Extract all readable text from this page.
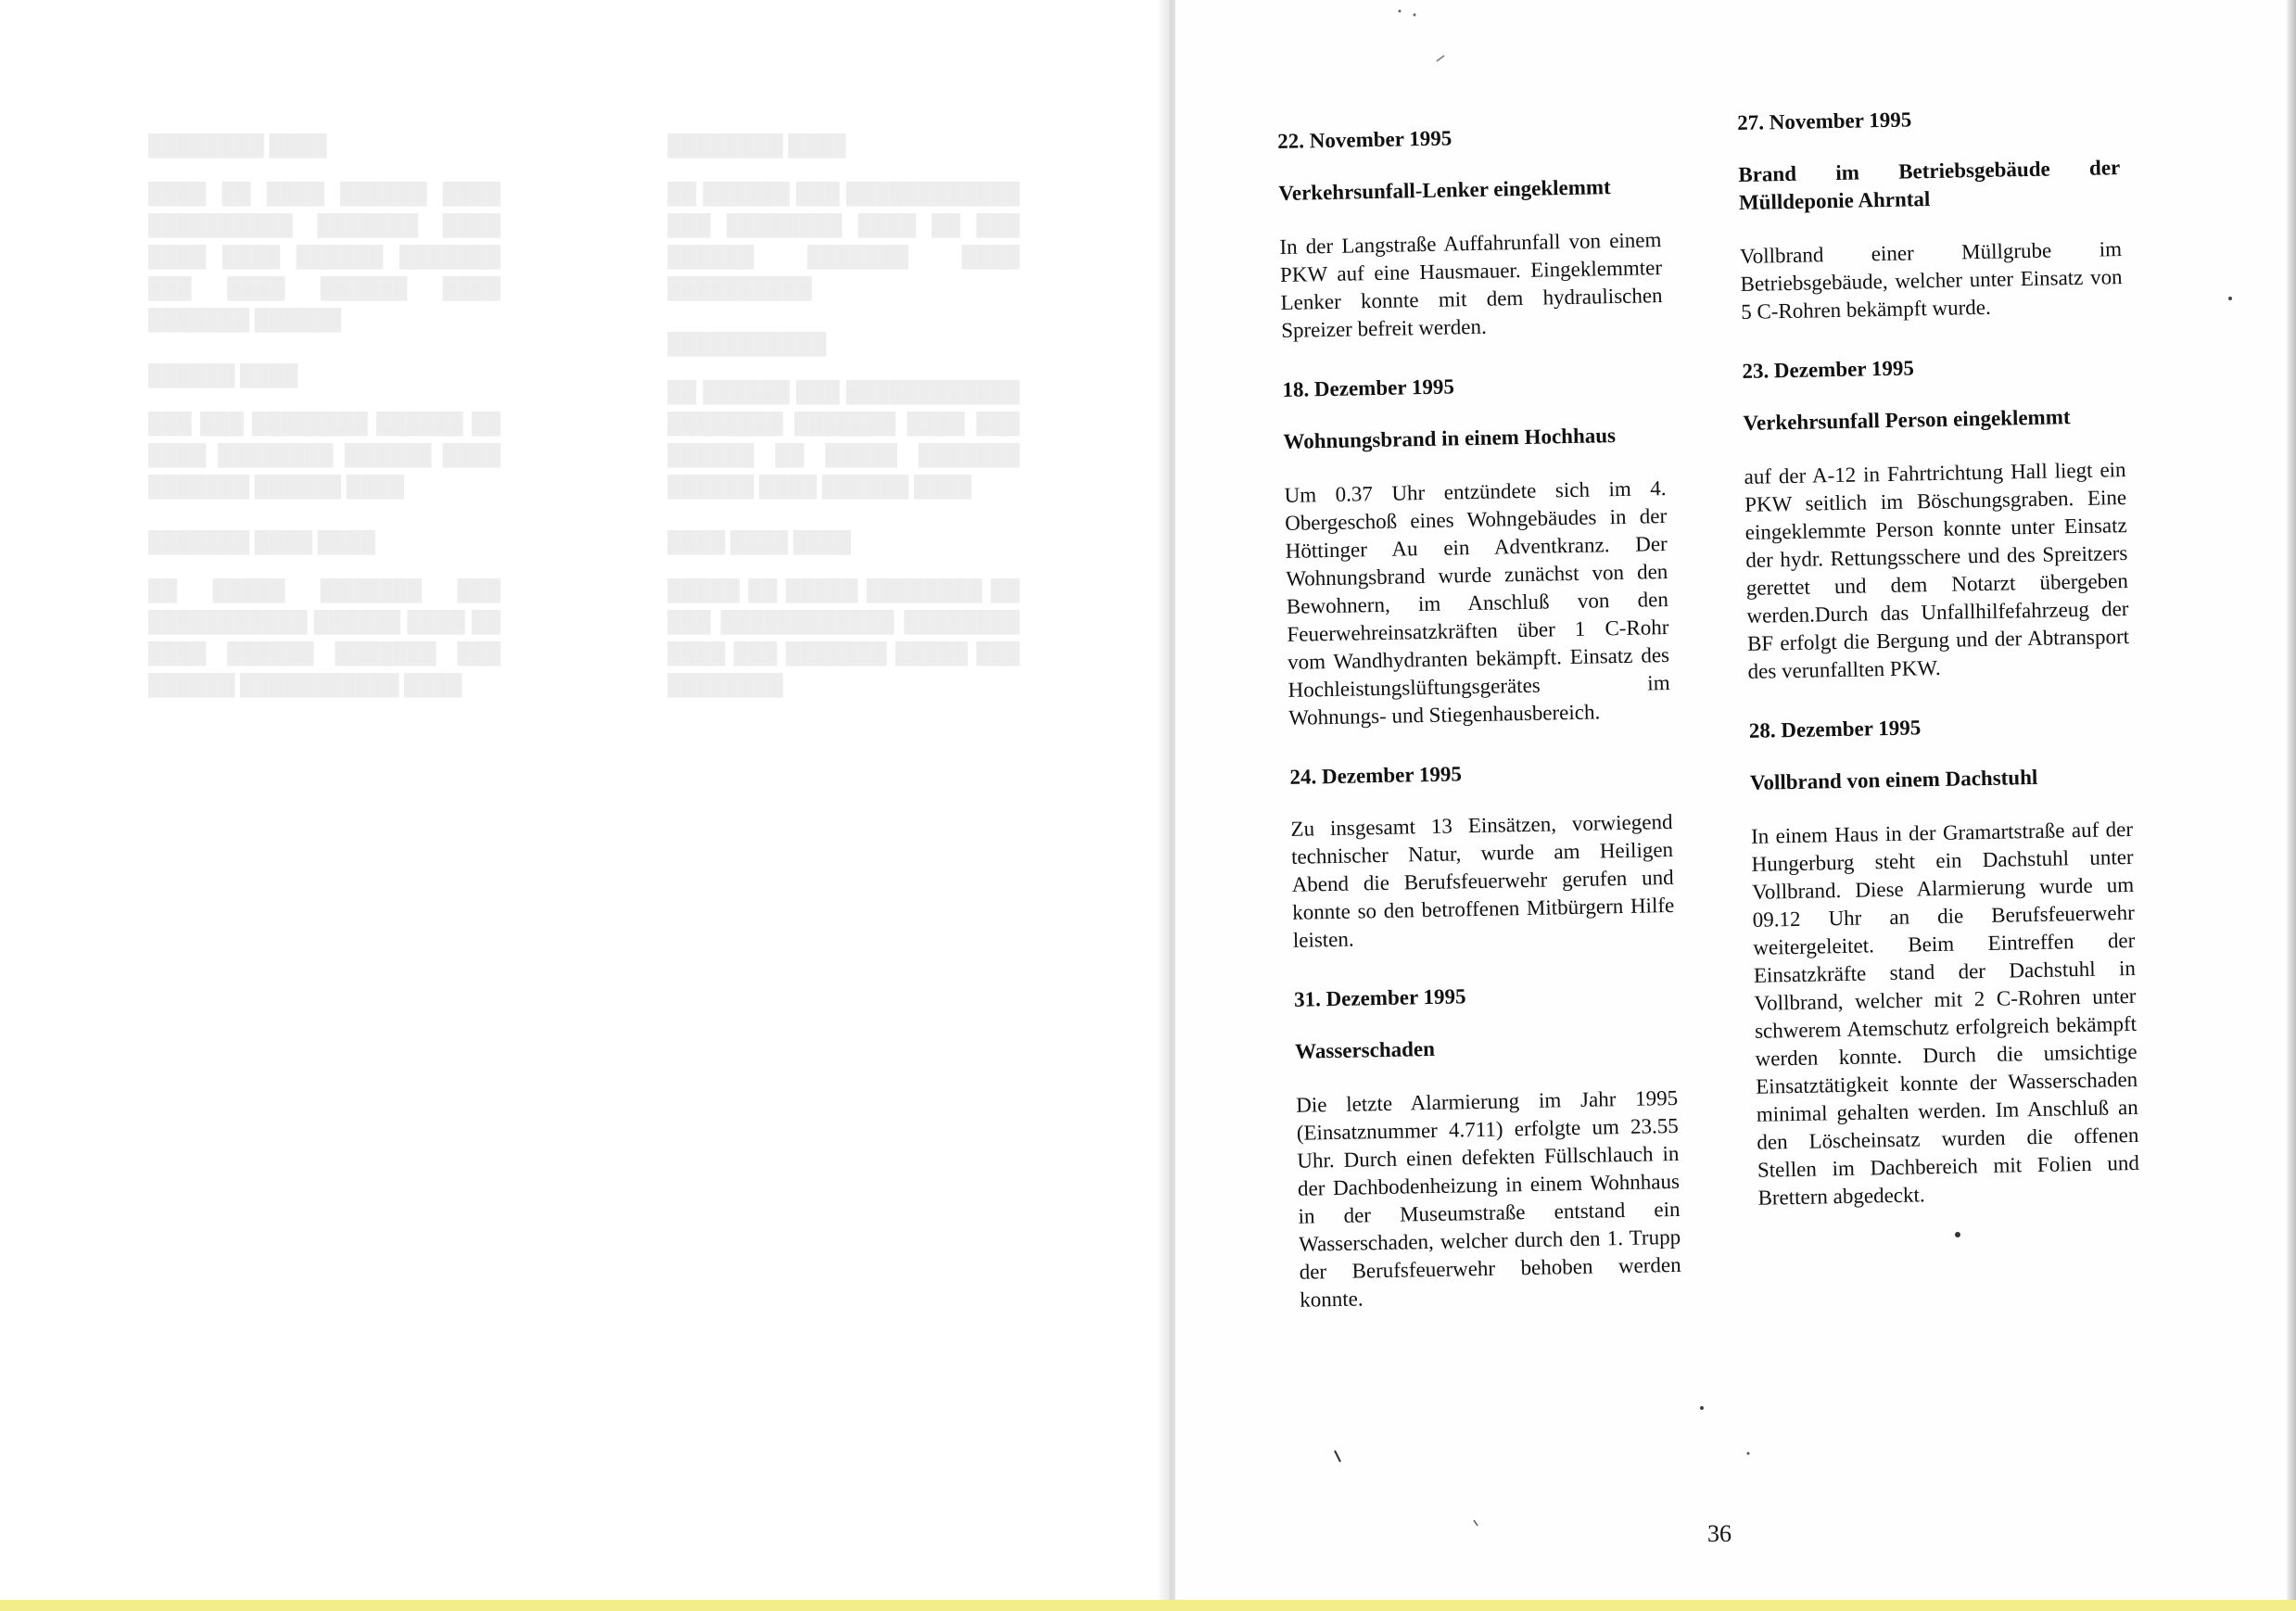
████████ ████

████ ██ ████ ██████ ████ ██████████ ███████ ████ ████ ████ ██████ ███████ ███ ████ ██████ ████ ███████ ██████

██████ ████

███ ███ ████████ ██████ ██ ████ ████████ ██████ ████ ███████ ██████ ████

███████ ████ ████

██ █████ ███████ ███ ███████████ ██████ ████ ██ ████ ██████ ███████ ███ ██████ ███████████ ████

████████ ████

██ ██████ ███ ████████████ ███ ████████ ████ ██ ███ ██████ ███████ ████ ██████████

███████████

██ ██████ ███ ████████████ ████████ ███████ ████ ███ ██████ ██ █████ ███████ ██████ ████ ██████ ████

████ ████ ████

█████ ██ █████ ████████ ██ ███ ████████████ ████████ ████ ███ ███████ █████ ███ ████████

22. November 1995
Verkehrsunfall-Lenker eingeklemmt
In der Langstraße Auffahrunfall von einem PKW auf eine Hausmauer. Eingeklemmter Lenker konnte mit dem hydraulischen Spreizer befreit werden.
18. Dezember 1995
Wohnungsbrand in einem Hochhaus
Um 0.37 Uhr entzündete sich im 4. Obergeschoß eines Wohngebäudes in der Höttinger Au ein Adventkranz. Der Wohnungsbrand wurde zunächst von den Bewohnern, im Anschluß von den Feuerwehreinsatzkräften über 1 C-Rohr vom Wandhydranten bekämpft. Einsatz des Hochleistungslüftungsgerätes im Wohnungs- und Stiegenhausbereich.
24. Dezember 1995
Zu insgesamt 13 Einsätzen, vorwiegend technischer Natur, wurde am Heiligen Abend die Berufsfeuerwehr gerufen und konnte so den betroffenen Mitbürgern Hilfe leisten.
31. Dezember 1995
Wasserschaden
Die letzte Alarmierung im Jahr 1995 (Einsatznummer 4.711) erfolgte um 23.55 Uhr. Durch einen defekten Füllschlauch in der Dachbodenheizung in einem Wohnhaus in der Museumstraße entstand ein Wasserschaden, welcher durch den 1. Trupp der Berufsfeuerwehr behoben werden konnte.
27. November 1995
Brand im Betriebsgebäude der
Mülldeponie Ahrntal
Vollbrand einer Müllgrube im Betriebsgebäude, welcher unter Einsatz von 5 C-Rohren bekämpft wurde.
23. Dezember 1995
Verkehrsunfall Person eingeklemmt
auf der A-12 in Fahrtrichtung Hall liegt ein PKW seitlich im Böschungsgraben. Eine eingeklemmte Person konnte unter Einsatz der hydr. Rettungsschere und des Spreitzers gerettet und dem Notarzt übergeben werden.Durch das Unfallhilfefahrzeug der BF erfolgt die Bergung und der Abtransport des verunfallten PKW.
28. Dezember 1995
Vollbrand von einem Dachstuhl
In einem Haus in der Gramartstraße auf der Hungerburg steht ein Dachstuhl unter Vollbrand. Diese Alarmierung wurde um 09.12 Uhr an die Berufsfeuerwehr weitergeleitet. Beim Eintreffen der Einsatzkräfte stand der Dachstuhl in Vollbrand, welcher mit 2 C-Rohren unter schwerem Atemschutz erfolgreich bekämpft werden konnte. Durch die umsichtige Einsatztätigkeit konnte der Wasserschaden minimal gehalten werden. Im Anschluß an den Löscheinsatz wurden die offenen Stellen im Dachbereich mit Folien und Brettern abgedeckt.
36
